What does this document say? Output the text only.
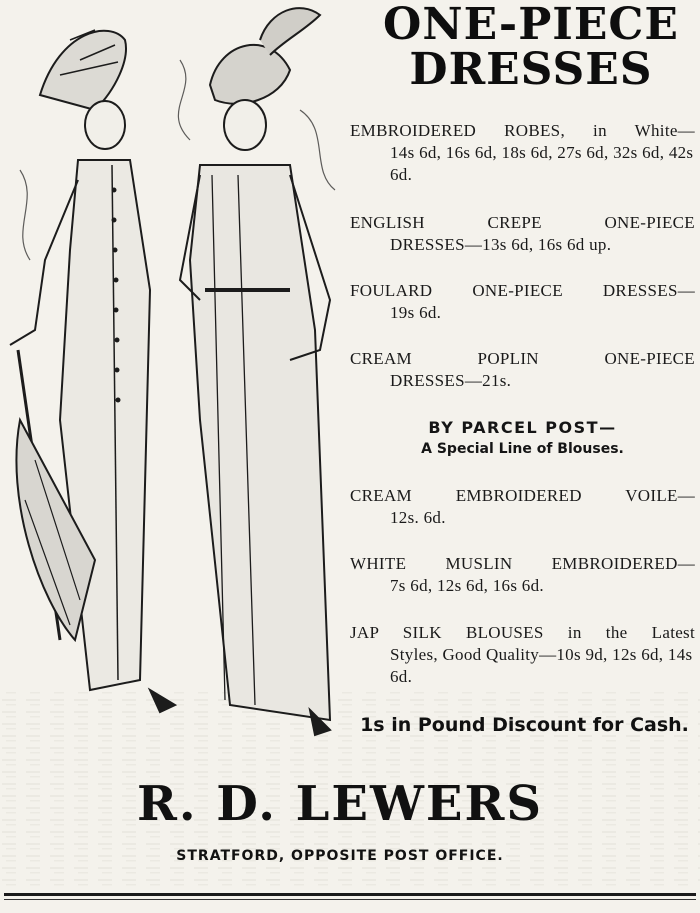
ONE-PIECE
DRESSES
EMBROIDERED ROBES, in White—
14s 6d, 16s 6d, 18s 6d, 27s 6d, 32s 6d, 42s 6d.
ENGLISH CREPE ONE-PIECE
DRESSES—13s 6d, 16s 6d up.
FOULARD ONE-PIECE DRESSES—
19s 6d.
CREAM POPLIN ONE-PIECE
DRESSES—21s.
BY PARCEL POST—
A Special Line of Blouses.
CREAM EMBROIDERED VOILE—
12s. 6d.
WHITE MUSLIN EMBROIDERED—
7s 6d, 12s 6d, 16s 6d.
JAP SILK BLOUSES in the Latest
Styles, Good Quality—10s 9d, 12s 6d, 14s 6d.
1s in Pound Discount for Cash.
R. D. LEWERS
STRATFORD, OPPOSITE POST OFFICE.
